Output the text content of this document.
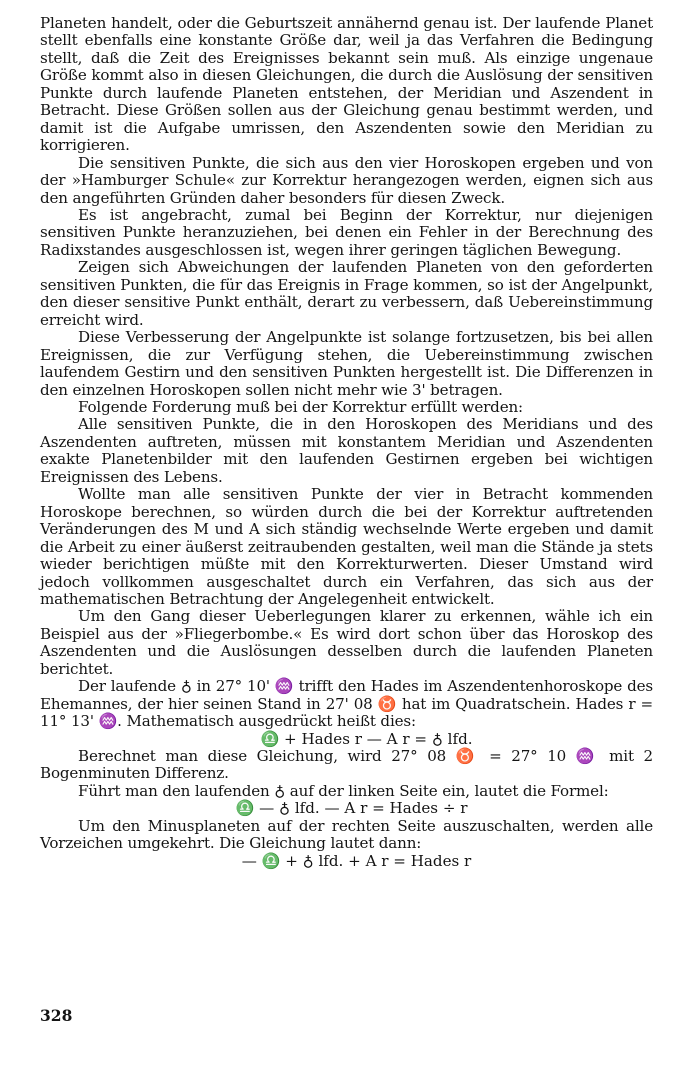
Planeten handelt, oder die Geburtszeit annähernd genau ist. Der laufende Planet stellt ebenfalls eine konstante Größe dar, weil ja das Verfahren die Bedingung stellt, daß die Zeit des Ereignisses bekannt sein muß. Als einzige ungenaue Größe kommt also in diesen Gleichungen, die durch die Auslösung der sensitiven Punkte durch laufende Planeten entstehen, der Meridian und Aszendent in Betracht. Diese Größen sollen aus der Gleichung genau bestimmt werden, und damit ist die Aufgabe umrissen, den Aszendenten sowie den Meridian zu korrigieren.

Die sensitiven Punkte, die sich aus den vier Horoskopen ergeben und von der »Hamburger Schule« zur Korrektur herangezogen werden, eignen sich aus den angeführten Gründen daher besonders für diesen Zweck.

Es ist angebracht, zumal bei Beginn der Korrektur, nur diejenigen sensitiven Punkte heranzuziehen, bei denen ein Fehler in der Berechnung des Radixstandes ausgeschlossen ist, wegen ihrer geringen täglichen Bewegung.

Zeigen sich Abweichungen der laufenden Planeten von den geforderten sensitiven Punkten, die für das Ereignis in Frage kommen, so ist der Angelpunkt, den dieser sensitive Punkt enthält, derart zu verbessern, daß Uebereinstimmung erreicht wird.

Diese Verbesserung der Angelpunkte ist solange fortzusetzen, bis bei allen Ereignissen, die zur Verfügung stehen, die Uebereinstimmung zwischen laufendem Gestirn und den sensitiven Punkten hergestellt ist. Die Differenzen in den einzelnen Horoskopen sollen nicht mehr wie 3' betragen.

Folgende Forderung muß bei der Korrektur erfüllt werden:

Alle sensitiven Punkte, die in den Horoskopen des Meridians und des Aszendenten auftreten, müssen mit konstantem Meridian und Aszendenten exakte Planetenbilder mit den laufenden Gestirnen ergeben bei wichtigen Ereignissen des Lebens.

Wollte man alle sensitiven Punkte der vier in Betracht kommenden Horoskope berechnen, so würden durch die bei der Korrektur auftretenden Veränderungen des M und A sich ständig wechselnde Werte ergeben und damit die Arbeit zu einer äußerst zeitraubenden gestalten, weil man die Stände ja stets wieder berichtigen müßte mit den Korrekturwerten. Dieser Umstand wird jedoch vollkommen ausgeschaltet durch ein Verfahren, das sich aus der mathematischen Betrachtung der Angelegenheit entwickelt.

Um den Gang dieser Ueberlegungen klarer zu erkennen, wähle ich ein Beispiel aus der »Fliegerbombe.« Es wird dort schon über das Horoskop des Aszendenten und die Auslösungen desselben durch die laufenden Planeten berichtet.

Der laufende ♁ in 27° 10' ♒ trifft den Hades im Aszendentenhoroskope des Ehemannes, der hier seinen Stand in 27' 08 ♉ hat im Quadratschein. Hades r = 11° 13' ♒. Mathematisch ausgedrückt heißt dies:

♎ + Hades r — A r = ♁ lfd.

Berechnet man diese Gleichung, wird 27° 08 ♉ = 27° 10 ♒ mit 2 Bogenminuten Differenz.

Führt man den laufenden ♁ auf der linken Seite ein, lautet die Formel:

♎ — ♁ lfd. — A r = Hades ÷ r

Um den Minusplaneten auf der rechten Seite auszuschalten, werden alle Vorzeichen umgekehrt. Die Gleichung lautet dann:

— ♎ + ♁ lfd. + A r = Hades r

328
